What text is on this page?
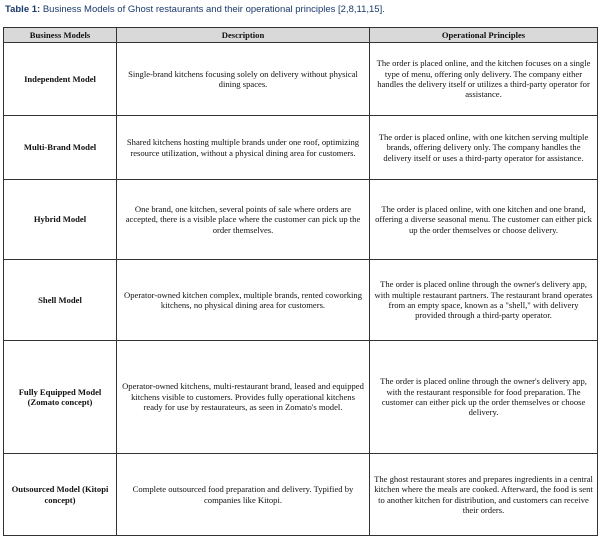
Table 1: Business Models of Ghost restaurants and their operational principles [2,8,11,15].
Business Models	Description	Operational Principles
Independent Model	Single-brand kitchens focusing solely on delivery without physical dining spaces.	The order is placed online, and the kitchen focuses on a single type of menu, offering only delivery. The company either handles the delivery itself or utilizes a third-party operator for assistance.
Multi-Brand Model	Shared kitchens hosting multiple brands under one roof, optimizing resource utilization, without a physical dining area for customers.	The order is placed online, with one kitchen serving multiple brands, offering delivery only. The company handles the delivery itself or uses a third-party operator for assistance.
Hybrid Model	One brand, one kitchen, several points of sale where orders are accepted, there is a visible place where the customer can pick up the order themselves.	The order is placed online, with one kitchen and one brand, offering a diverse seasonal menu. The customer can either pick up the order themselves or choose delivery.
Shell Model	Operator-owned kitchen complex, multiple brands, rented coworking kitchens, no physical dining area for customers.	The order is placed online through the owner's delivery app, with multiple restaurant partners. The restaurant brand operates from an empty space, known as a "shell," with delivery provided through a third-party operator.
Fully Equipped Model (Zomato concept)	Operator-owned kitchens, multi-restaurant brand, leased and equipped kitchens visible to customers. Provides fully operational kitchens ready for use by restaurateurs, as seen in Zomato's model.	The order is placed online through the owner's delivery app, with the restaurant responsible for food preparation. The customer can either pick up the order themselves or choose delivery.
Outsourced Model (Kitopi concept)	Complete outsourced food preparation and delivery. Typified by companies like Kitopi.	The ghost restaurant stores and prepares ingredients in a central kitchen where the meals are cooked. Afterward, the food is sent to another kitchen for distribution, and customers can receive their orders.
